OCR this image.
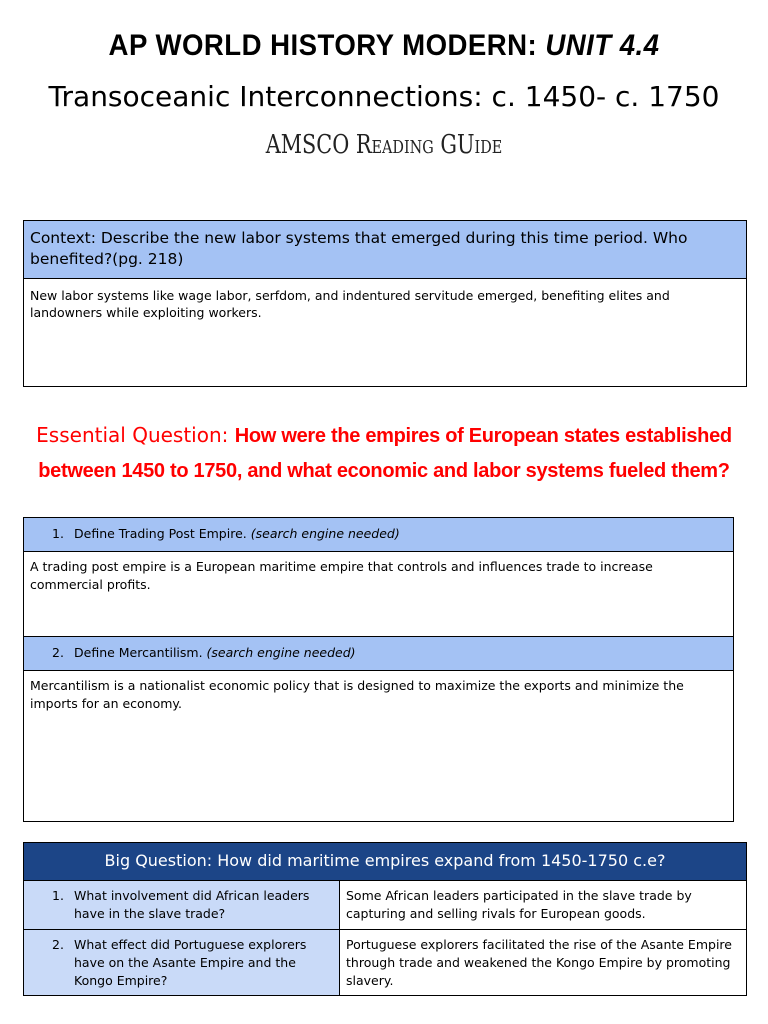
AP WORLD HISTORY MODERN: UNIT 4.4
Transoceanic Interconnections: c. 1450- c. 1750
AMSCO Reading GUide
Context: Describe the new labor systems that emerged during this time period. Who benefited?(pg. 218)
New labor systems like wage labor, serfdom, and indentured servitude emerged, benefiting elites and landowners while exploiting workers.
Essential Question: How were the empires of European states established
between 1450 to 1750, and what economic and labor systems fueled them?
1. Define Trading Post Empire. (search engine needed)
A trading post empire is a European maritime empire that controls and influences trade to increase commercial profits.
2. Define Mercantilism. (search engine needed)
Mercantilism is a nationalist economic policy that is designed to maximize the exports and minimize the imports for an economy.
Big Question: How did maritime empires expand from 1450-1750 c.e?
1. What involvement did African leaders have in the slave trade?
Some African leaders participated in the slave trade by capturing and selling rivals for European goods.
2. What effect did Portuguese explorers have on the Asante Empire and the Kongo Empire?
Portuguese explorers facilitated the rise of the Asante Empire through trade and weakened the Kongo Empire by promoting slavery.
